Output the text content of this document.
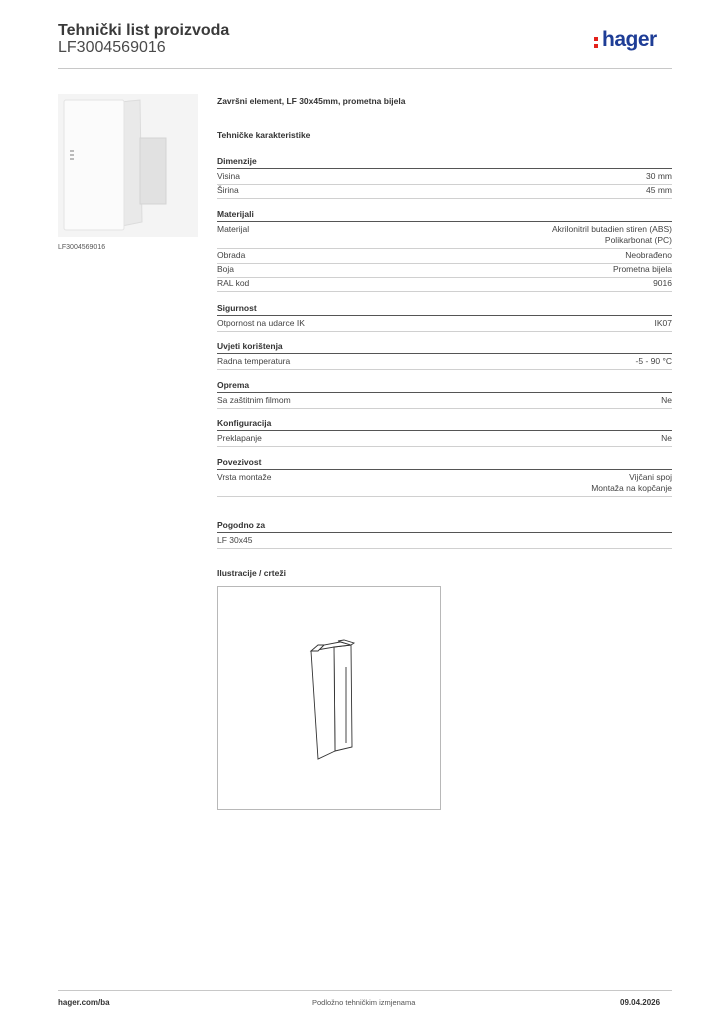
Tehnički list proizvoda
LF3004569016	hager
LF3004569016
Završni element, LF 30x45mm, prometna bijela
Tehničke karakteristike
Dimenzije
Visina	30 mm
Širina	45 mm
Materijali
Materijal	Akrilonitril butadien stiren (ABS)
Polikarbonat (PC)
Obrada	Neobrađeno
Boja	Prometna bijela
RAL kod	9016
Sigurnost
Otpornost na udarce IK	IK07
Uvjeti korištenja
Radna temperatura	-5 - 90 °C
Oprema
Sa zaštitnim filmom	Ne
Konfiguracija
Preklapanje	Ne
Povezivost
Vrsta montaže	Vijčani spoj
Montaža na kopčanje
Pogodno za
LF 30x45
Ilustracije / crteži
hager.com/ba	Podložno tehničkim izmjenama	09.04.2026
